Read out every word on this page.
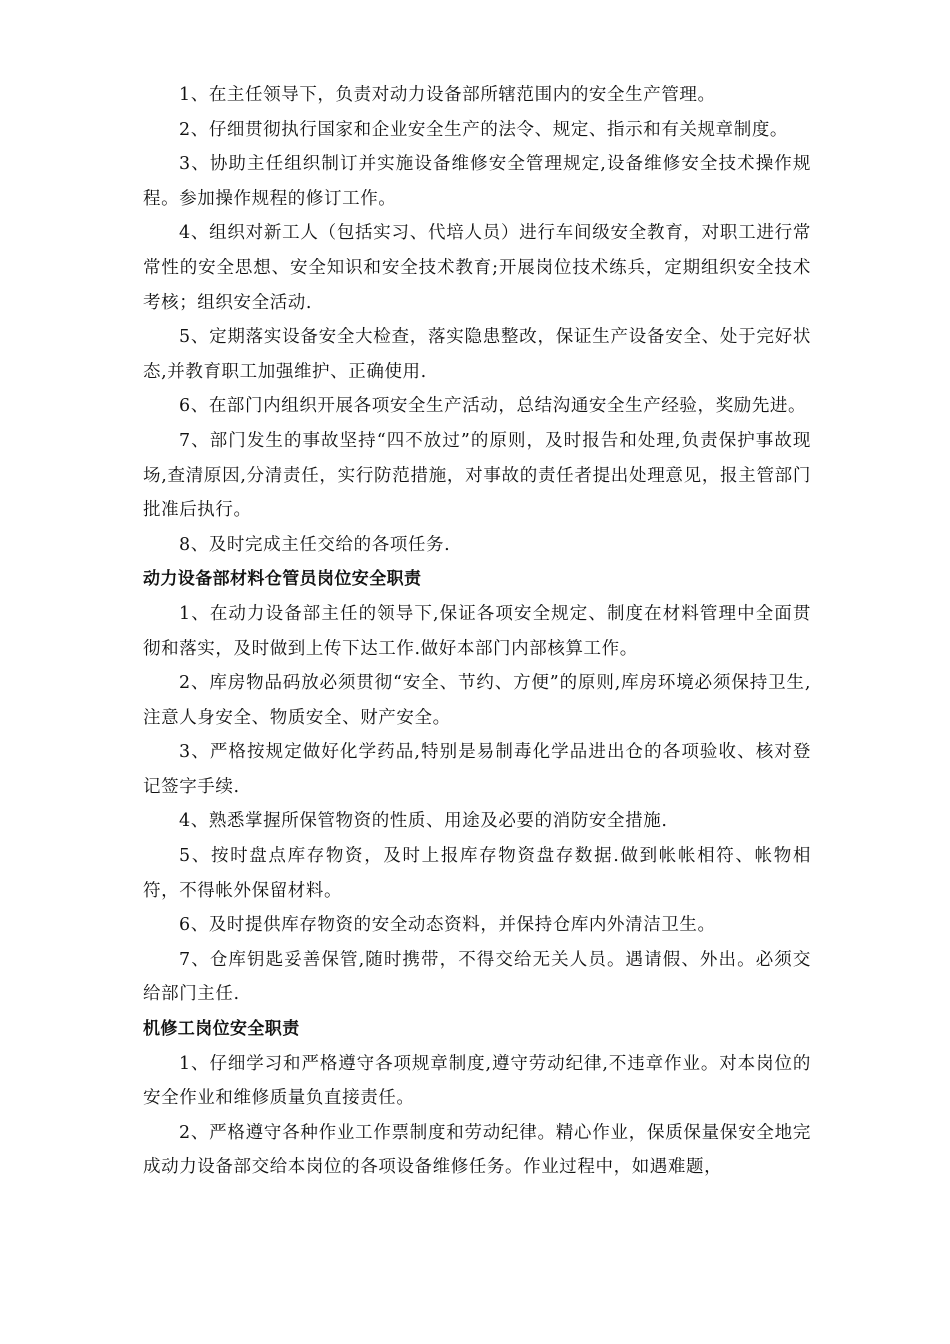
1、在主任领导下，负责对动力设备部所辖范围内的安全生产管理。

2、仔细贯彻执行国家和企业安全生产的法令、规定、指示和有关规章制度。

3、协助主任组织制订并实施设备维修安全管理规定,设备维修安全技术操作规程。参加操作规程的修订工作。

4、组织对新工人（包括实习、代培人员）进行车间级安全教育，对职工进行常常性的安全思想、安全知识和安全技术教育;开展岗位技术练兵，定期组织安全技术考核；组织安全活动.

5、定期落实设备安全大检查，落实隐患整改，保证生产设备安全、处于完好状态,并教育职工加强维护、正确使用.

6、在部门内组织开展各项安全生产活动，总结沟通安全生产经验，奖励先进。

7、部门发生的事故坚持“四不放过”的原则，及时报告和处理,负责保护事故现场,查清原因,分清责任，实行防范措施，对事故的责任者提出处理意见，报主管部门批准后执行。

8、及时完成主任交给的各项任务.

动力设备部材料仓管员岗位安全职责

1、在动力设备部主任的领导下,保证各项安全规定、制度在材料管理中全面贯彻和落实，及时做到上传下达工作.做好本部门内部核算工作。

2、库房物品码放必须贯彻“安全、节约、方便”的原则,库房环境必须保持卫生,注意人身安全、物质安全、财产安全。

3、严格按规定做好化学药品,特别是易制毒化学品进出仓的各项验收、核对登记签字手续.

4、熟悉掌握所保管物资的性质、用途及必要的消防安全措施.

5、按时盘点库存物资，及时上报库存物资盘存数据.做到帐帐相符、帐物相符，不得帐外保留材料。

6、及时提供库存物资的安全动态资料，并保持仓库内外清洁卫生。

7、仓库钥匙妥善保管,随时携带，不得交给无关人员。遇请假、外出。必须交给部门主任.

机修工岗位安全职责

1、仔细学习和严格遵守各项规章制度,遵守劳动纪律,不违章作业。对本岗位的安全作业和维修质量负直接责任。

2、严格遵守各种作业工作票制度和劳动纪律。精心作业，保质保量保安全地完成动力设备部交给本岗位的各项设备维修任务。作业过程中，如遇难题，
